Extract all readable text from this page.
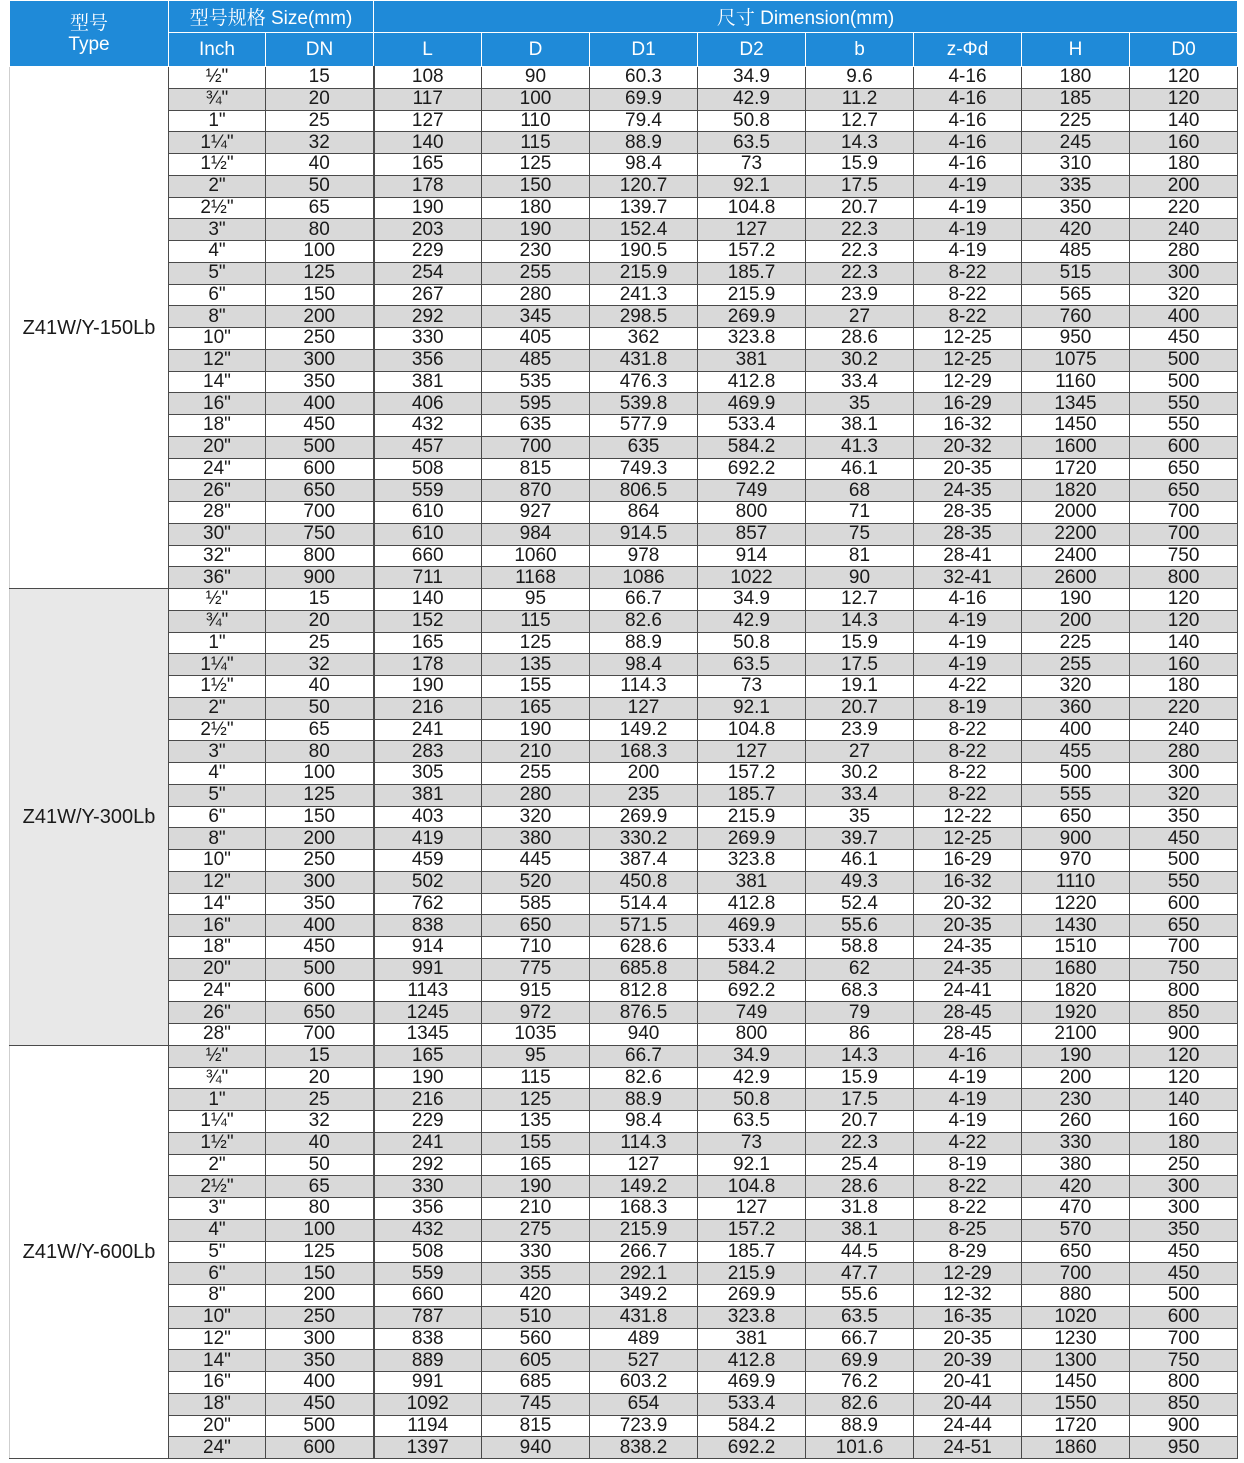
型号
Type	型号规格 Size(mm)		尺寸 Dimension(mm)							
	Inch	DN	L	D	D1	D2	b	z-Φd	H	D0
Z41W/Y-150Lb	½"	15	108	90	60.3	34.9	9.6	4-16	180	120
	¾"	20	117	100	69.9	42.9	11.2	4-16	185	120
	1"	25	127	110	79.4	50.8	12.7	4-16	225	140
	1¼"	32	140	115	88.9	63.5	14.3	4-16	245	160
	1½"	40	165	125	98.4	73	15.9	4-16	310	180
	2"	50	178	150	120.7	92.1	17.5	4-19	335	200
	2½"	65	190	180	139.7	104.8	20.7	4-19	350	220
	3"	80	203	190	152.4	127	22.3	4-19	420	240
	4"	100	229	230	190.5	157.2	22.3	4-19	485	280
	5"	125	254	255	215.9	185.7	22.3	8-22	515	300
	6"	150	267	280	241.3	215.9	23.9	8-22	565	320
	8"	200	292	345	298.5	269.9	27	8-22	760	400
	10"	250	330	405	362	323.8	28.6	12-25	950	450
	12"	300	356	485	431.8	381	30.2	12-25	1075	500
	14"	350	381	535	476.3	412.8	33.4	12-29	1160	500
	16"	400	406	595	539.8	469.9	35	16-29	1345	550
	18"	450	432	635	577.9	533.4	38.1	16-32	1450	550
	20"	500	457	700	635	584.2	41.3	20-32	1600	600
	24"	600	508	815	749.3	692.2	46.1	20-35	1720	650
	26"	650	559	870	806.5	749	68	24-35	1820	650
	28"	700	610	927	864	800	71	28-35	2000	700
	30"	750	610	984	914.5	857	75	28-35	2200	700
	32"	800	660	1060	978	914	81	28-41	2400	750
	36"	900	711	1168	1086	1022	90	32-41	2600	800
Z41W/Y-300Lb	½"	15	140	95	66.7	34.9	12.7	4-16	190	120
	¾"	20	152	115	82.6	42.9	14.3	4-19	200	120
	1"	25	165	125	88.9	50.8	15.9	4-19	225	140
	1¼"	32	178	135	98.4	63.5	17.5	4-19	255	160
	1½"	40	190	155	114.3	73	19.1	4-22	320	180
	2"	50	216	165	127	92.1	20.7	8-19	360	220
	2½"	65	241	190	149.2	104.8	23.9	8-22	400	240
	3"	80	283	210	168.3	127	27	8-22	455	280
	4"	100	305	255	200	157.2	30.2	8-22	500	300
	5"	125	381	280	235	185.7	33.4	8-22	555	320
	6"	150	403	320	269.9	215.9	35	12-22	650	350
	8"	200	419	380	330.2	269.9	39.7	12-25	900	450
	10"	250	459	445	387.4	323.8	46.1	16-29	970	500
	12"	300	502	520	450.8	381	49.3	16-32	1110	550
	14"	350	762	585	514.4	412.8	52.4	20-32	1220	600
	16"	400	838	650	571.5	469.9	55.6	20-35	1430	650
	18"	450	914	710	628.6	533.4	58.8	24-35	1510	700
	20"	500	991	775	685.8	584.2	62	24-35	1680	750
	24"	600	1143	915	812.8	692.2	68.3	24-41	1820	800
	26"	650	1245	972	876.5	749	79	28-45	1920	850
	28"	700	1345	1035	940	800	86	28-45	2100	900
Z41W/Y-600Lb	½"	15	165	95	66.7	34.9	14.3	4-16	190	120
	¾"	20	190	115	82.6	42.9	15.9	4-19	200	120
	1"	25	216	125	88.9	50.8	17.5	4-19	230	140
	1¼"	32	229	135	98.4	63.5	20.7	4-19	260	160
	1½"	40	241	155	114.3	73	22.3	4-22	330	180
	2"	50	292	165	127	92.1	25.4	8-19	380	250
	2½"	65	330	190	149.2	104.8	28.6	8-22	420	300
	3"	80	356	210	168.3	127	31.8	8-22	470	300
	4"	100	432	275	215.9	157.2	38.1	8-25	570	350
	5"	125	508	330	266.7	185.7	44.5	8-29	650	450
	6"	150	559	355	292.1	215.9	47.7	12-29	700	450
	8"	200	660	420	349.2	269.9	55.6	12-32	880	500
	10"	250	787	510	431.8	323.8	63.5	16-35	1020	600
	12"	300	838	560	489	381	66.7	20-35	1230	700
	14"	350	889	605	527	412.8	69.9	20-39	1300	750
	16"	400	991	685	603.2	469.9	76.2	20-41	1450	800
	18"	450	1092	745	654	533.4	82.6	20-44	1550	850
	20"	500	1194	815	723.9	584.2	88.9	24-44	1720	900
	24"	600	1397	940	838.2	692.2	101.6	24-51	1860	950
